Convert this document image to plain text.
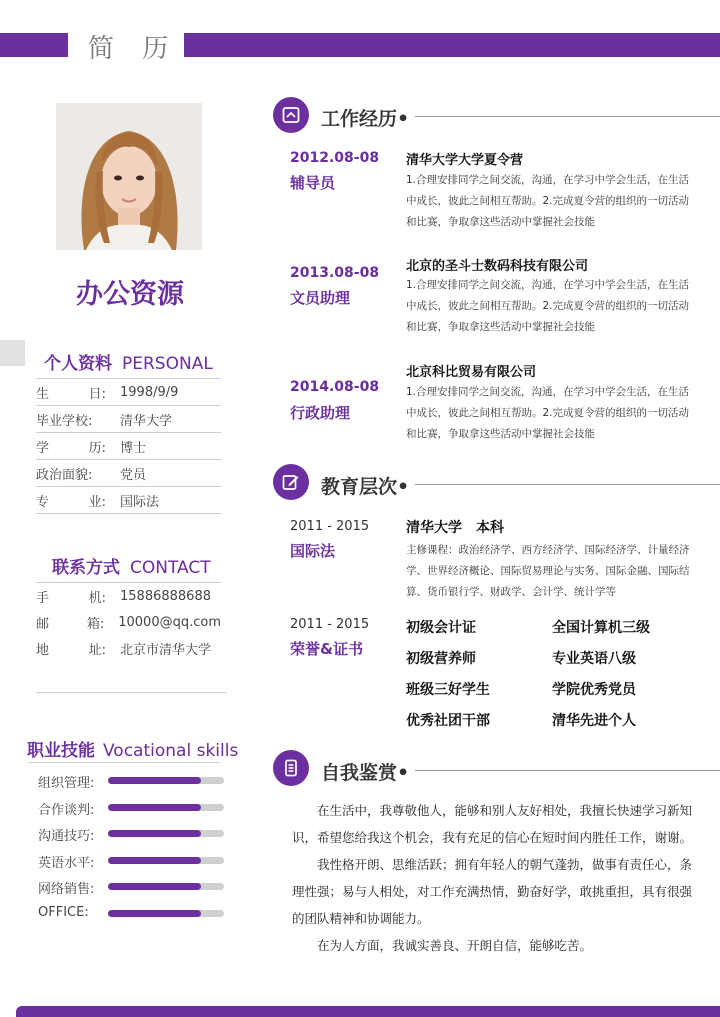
简 历
办公资源
个人资料 PERSONAL
生	日: 1998/9/9
毕业学校: 清华大学
学	历: 博士
政治面貌: 党员
专	业: 国际法
联系方式 CONTACT
手	机: 15886888688
邮	箱: 10000@qq.com
地	址: 北京市清华大学
职业技能 Vocational skills
组织管理:
合作谈判:
沟通技巧:
英语水平:
网络销售:
OFFICE:
工作经历•
2012.08-08
辅导员
清华大学大学夏令营
1.合理安排同学之间交流，沟通，在学习中学会生活，在生活中成长，彼此之间相互帮助。2.完成夏令营的组织的一切活动和比赛，争取拿这些活动中掌握社会技能
2013.08-08
文员助理
北京的圣斗士数码科技有限公司
1.合理安排同学之间交流，沟通，在学习中学会生活，在生活中成长，彼此之间相互帮助。2.完成夏令营的组织的一切活动和比赛，争取拿这些活动中掌握社会技能
2014.08-08
行政助理
北京科比贸易有限公司
1.合理安排同学之间交流，沟通，在学习中学会生活，在生活中成长，彼此之间相互帮助。2.完成夏令营的组织的一切活动和比赛，争取拿这些活动中掌握社会技能
教育层次•
2011 - 2015
国际法
清华大学　本科
主修课程：政治经济学、西方经济学、国际经济学、计量经济学、世界经济概论、国际贸易理论与实务、国际金融、国际结算、货币银行学、财政学、会计学、统计学等
2011 - 2015
荣誉&证书
初级会计证	全国计算机三级
初级营养师	专业英语八级
班级三好学生	学院优秀党员
优秀社团干部	清华先进个人
自我鉴赏•
在生活中，我尊敬他人，能够和别人友好相处，我擅长快速学习新知识，希望您给我这个机会，我有充足的信心在短时间内胜任工作，谢谢。
我性格开朗、思维活跃；拥有年轻人的朝气蓬勃，做事有责任心，条理性强；易与人相处，对工作充满热情，勤奋好学，敢挑重担，具有很强的团队精神和协调能力。
在为人方面，我诚实善良、开朗自信，能够吃苦。
